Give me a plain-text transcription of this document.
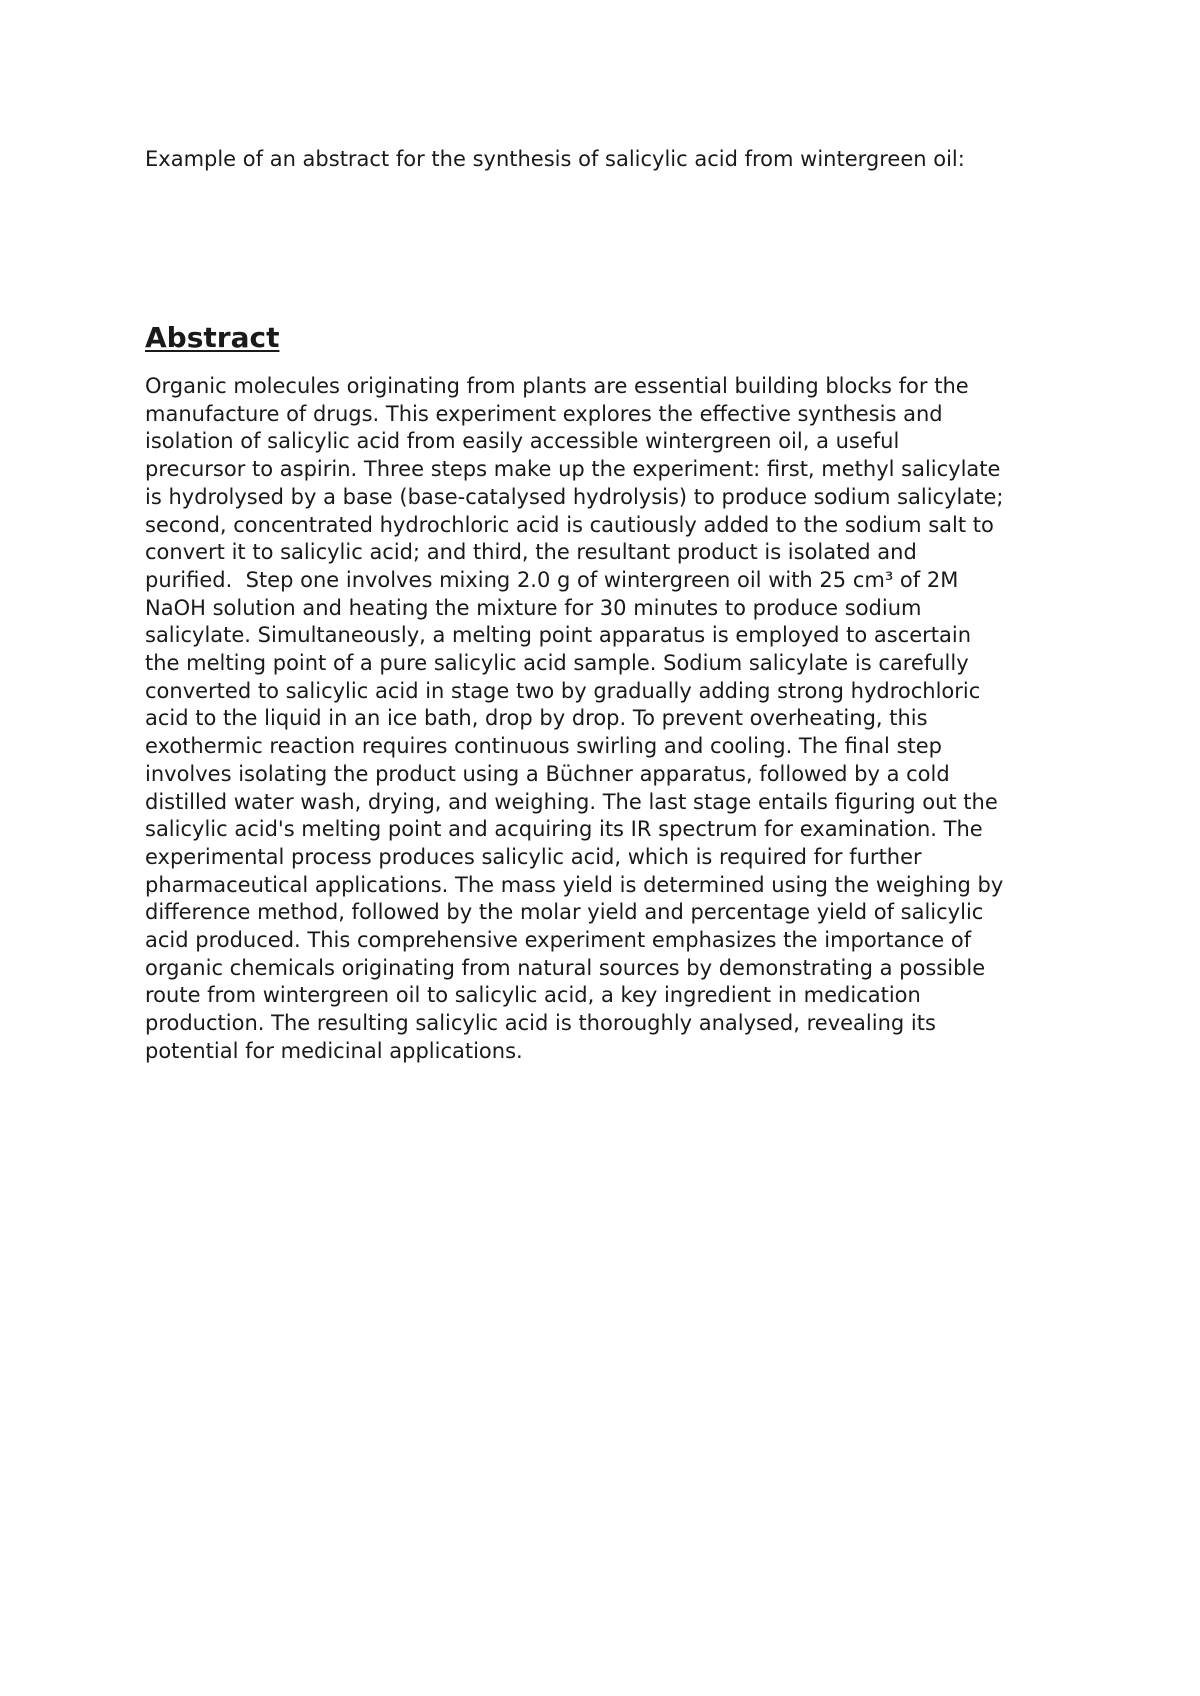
Example of an abstract for the synthesis of salicylic acid from wintergreen oil:
Abstract

Organic molecules originating from plants are essential building blocks for the
manufacture of drugs. This experiment explores the effective synthesis and
isolation of salicylic acid from easily accessible wintergreen oil, a useful
precursor to aspirin. Three steps make up the experiment: first, methyl salicylate
is hydrolysed by a base (base-catalysed hydrolysis) to produce sodium salicylate;
second, concentrated hydrochloric acid is cautiously added to the sodium salt to
convert it to salicylic acid; and third, the resultant product is isolated and
purified.  Step one involves mixing 2.0 g of wintergreen oil with 25 cm³ of 2M
NaOH solution and heating the mixture for 30 minutes to produce sodium
salicylate. Simultaneously, a melting point apparatus is employed to ascertain
the melting point of a pure salicylic acid sample. Sodium salicylate is carefully
converted to salicylic acid in stage two by gradually adding strong hydrochloric
acid to the liquid in an ice bath, drop by drop. To prevent overheating, this
exothermic reaction requires continuous swirling and cooling. The final step
involves isolating the product using a Büchner apparatus, followed by a cold
distilled water wash, drying, and weighing. The last stage entails figuring out the
salicylic acid's melting point and acquiring its IR spectrum for examination. The
experimental process produces salicylic acid, which is required for further
pharmaceutical applications. The mass yield is determined using the weighing by
difference method, followed by the molar yield and percentage yield of salicylic
acid produced. This comprehensive experiment emphasizes the importance of
organic chemicals originating from natural sources by demonstrating a possible
route from wintergreen oil to salicylic acid, a key ingredient in medication
production. The resulting salicylic acid is thoroughly analysed, revealing its
potential for medicinal applications.
